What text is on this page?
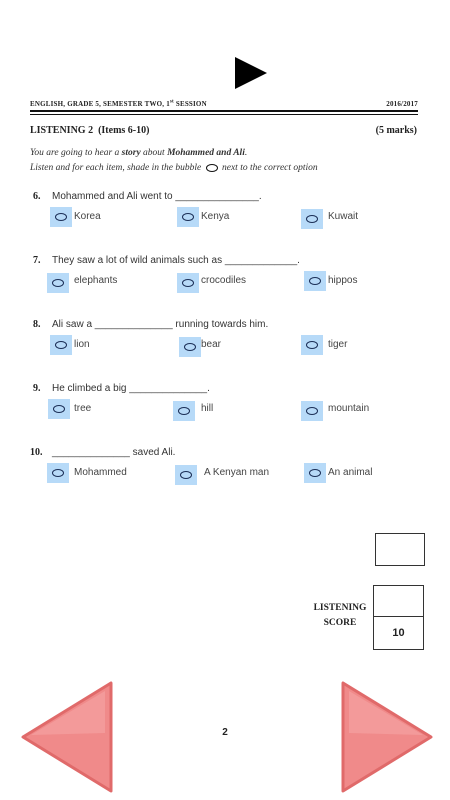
ENGLISH, GRADE 5, SEMESTER TWO, 1st SESSION	2016/2017
LISTENING 2  (Items 6-10)	(5 marks)
You are going to hear a story about Mohammed and Ali.
Listen and for each item, shade in the bubble next to the correct option
6. Mohammed and Ali went to _______________.
Korea	Kenya	Kuwait
7. They saw a lot of wild animals such as _____________.
elephants	crocodiles	hippos
8. Ali saw a ______________ running towards him.
lion	bear	tiger
9. He climbed a big ______________.
tree	hill	mountain
10. ______________ saved Ali.
Mohammed	A Kenyan man	An animal
LISTENING
SCORE
10
2
